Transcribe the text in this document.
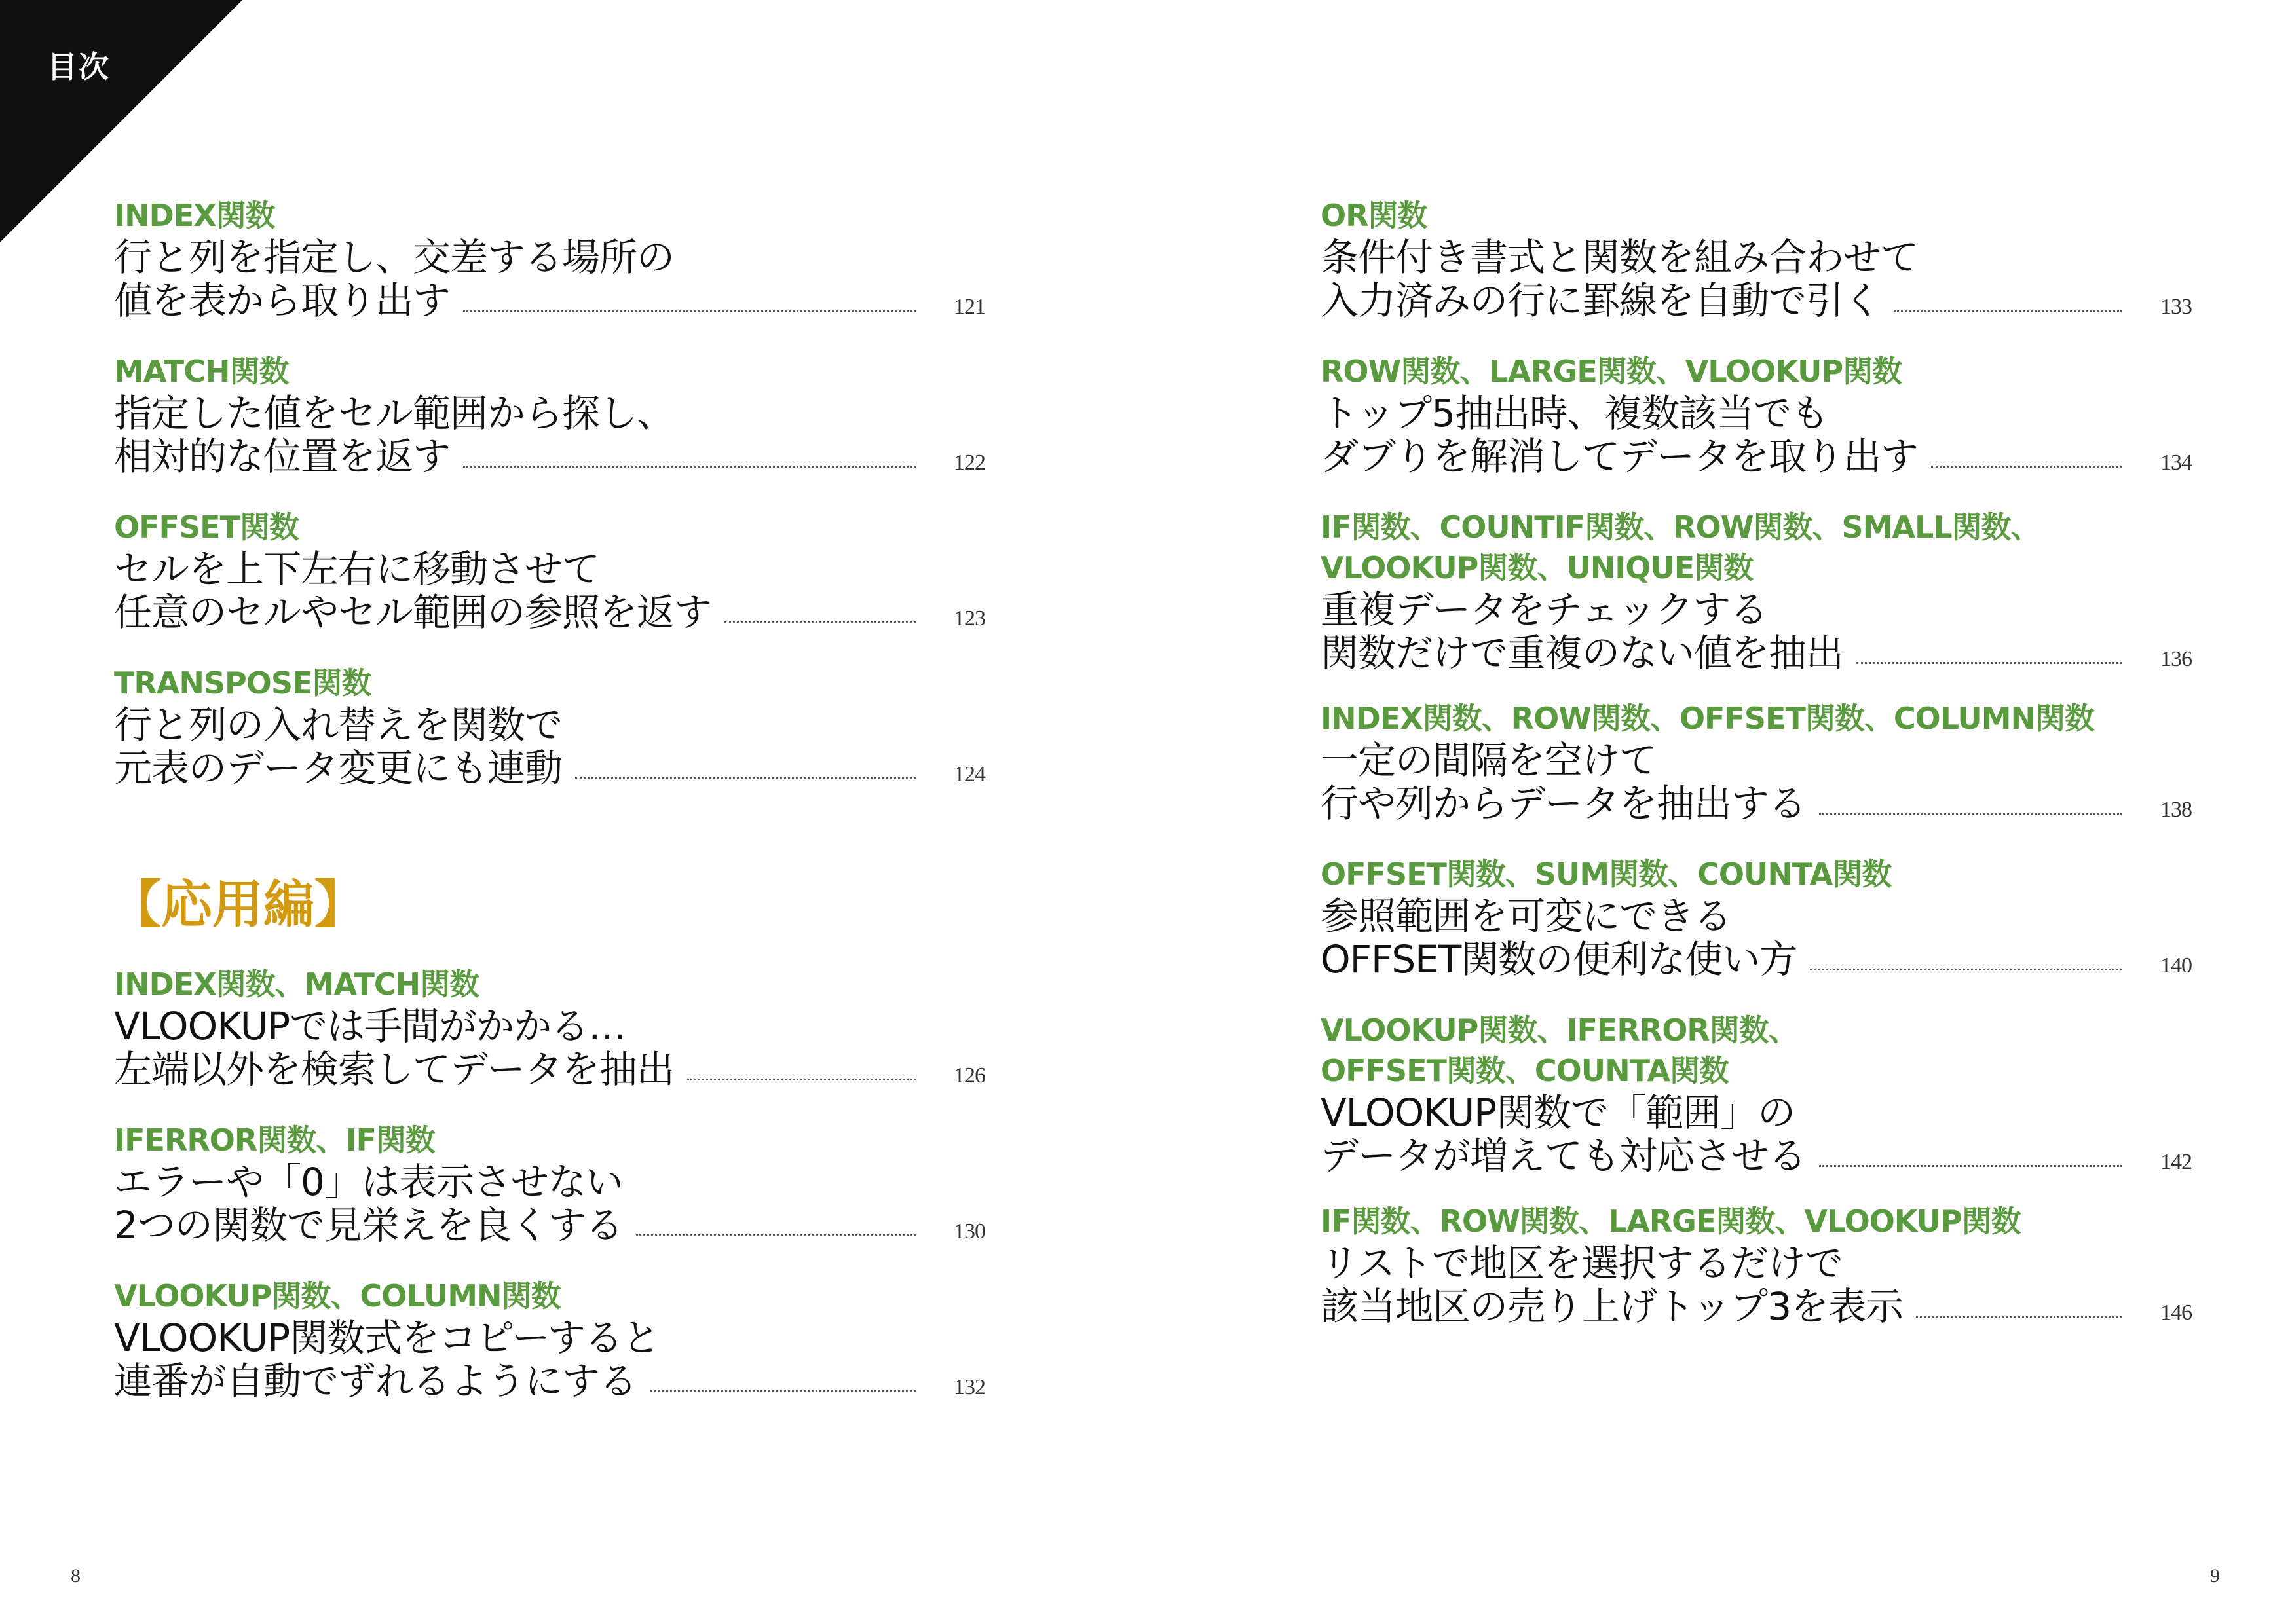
目次
INDEX関数
行と列を指定し、交差する場所の
値を表から取り出す	121
MATCH関数
指定した値をセル範囲から探し、
相対的な位置を返す	122
OFFSET関数
セルを上下左右に移動させて
任意のセルやセル範囲の参照を返す	123
TRANSPOSE関数
行と列の入れ替えを関数で
元表のデータ変更にも連動	124
INDEX関数、MATCH関数
VLOOKUPでは手間がかかる…
左端以外を検索してデータを抽出	126
IFERROR関数、IF関数
エラーや「0」は表示させない
2つの関数で見栄えを良くする	130
VLOOKUP関数、COLUMN関数
VLOOKUP関数式をコピーすると
連番が自動でずれるようにする	132
【応用編】
OR関数
条件付き書式と関数を組み合わせて
入力済みの行に罫線を自動で引く	133
ROW関数、LARGE関数、VLOOKUP関数
トップ5抽出時、複数該当でも
ダブりを解消してデータを取り出す	134
IF関数、COUNTIF関数、ROW関数、SMALL関数、
VLOOKUP関数、UNIQUE関数
重複データをチェックする
関数だけで重複のない値を抽出	136
INDEX関数、ROW関数、OFFSET関数、COLUMN関数
一定の間隔を空けて
行や列からデータを抽出する	138
OFFSET関数、SUM関数、COUNTA関数
参照範囲を可変にできる
OFFSET関数の便利な使い方	140
VLOOKUP関数、IFERROR関数、
OFFSET関数、COUNTA関数
VLOOKUP関数で「範囲」の
データが増えても対応させる	142
IF関数、ROW関数、LARGE関数、VLOOKUP関数
リストで地区を選択するだけで
該当地区の売り上げトップ3を表示	146
8	9
